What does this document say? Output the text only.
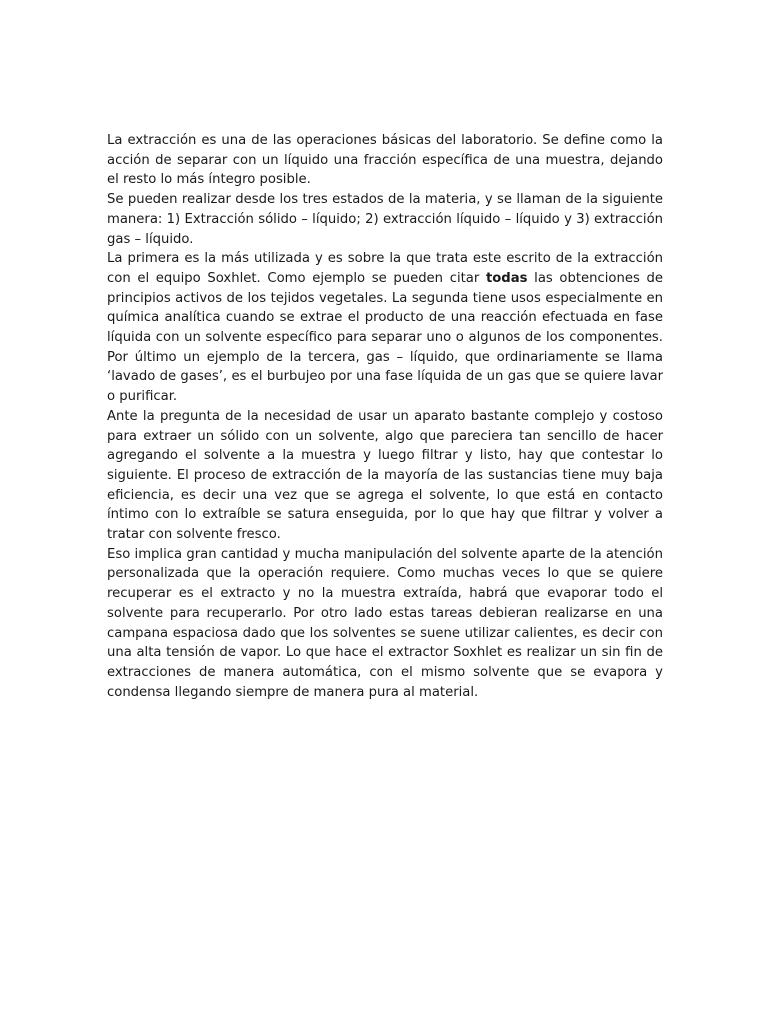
La extracción es una de las operaciones básicas del laboratorio. Se define como la acción de separar con un líquido una fracción específica de una muestra, dejando el resto lo más íntegro posible.

Se pueden realizar desde los tres estados de la materia, y se llaman de la siguiente manera: 1) Extracción sólido – líquido; 2) extracción líquido – líquido y 3) extracción gas – líquido.

La primera es la más utilizada y es sobre la que trata este escrito de la extracción con el equipo Soxhlet. Como ejemplo se pueden citar todas las obtenciones de principios activos de los tejidos vegetales. La segunda tiene usos especialmente en química analítica cuando se extrae el producto de una reacción efectuada en fase líquida con un solvente específico para separar uno o algunos de los componentes. Por último un ejemplo de la tercera, gas – líquido, que ordinariamente se llama ‘lavado de gases’, es el burbujeo por una fase líquida de un gas que se quiere lavar o purificar.

Ante la pregunta de la necesidad de usar un aparato bastante complejo y costoso para extraer un sólido con un solvente, algo que pareciera tan sencillo de hacer agregando el solvente a la muestra y luego filtrar y listo, hay que contestar lo siguiente. El proceso de extracción de la mayoría de las sustancias tiene muy baja eficiencia, es decir una vez que se agrega el solvente, lo que está en contacto íntimo con lo extraíble se satura enseguida, por lo que hay que filtrar y volver a tratar con solvente fresco.

Eso implica gran cantidad y mucha manipulación del solvente aparte de la atención personalizada que la operación requiere. Como muchas veces lo que se quiere recuperar es el extracto y no la muestra extraída, habrá que evaporar todo el solvente para recuperarlo. Por otro lado estas tareas debieran realizarse en una campana espaciosa dado que los solventes se suene utilizar calientes, es decir con una alta tensión de vapor. Lo que hace el extractor Soxhlet es realizar un sin fin de extracciones de manera automática, con el mismo solvente que se evapora y condensa llegando siempre de manera pura al material.
